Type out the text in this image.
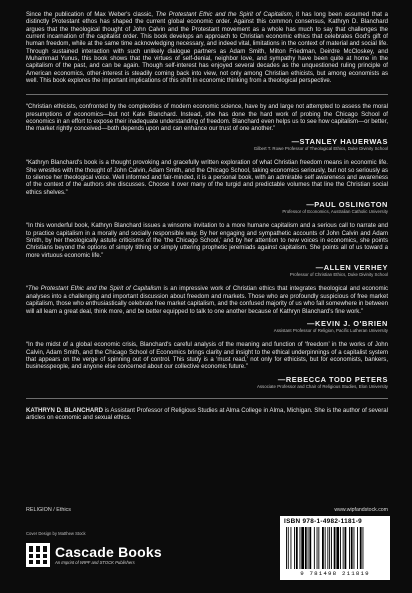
Since the publication of Max Weber's classic, The Protestant Ethic and the Spirit of Capitalism, it has long been assumed that a distinctly Protestant ethos has shaped the current global economic order. Against this common consensus, Kathryn D. Blanchard argues that the theological thought of John Calvin and the Protestant movement as a whole has much to say that challenges the current incarnation of the capitalist order. This book develops an approach to Christian economic ethics that celebrates God's gift of human freedom, while at the same time acknowledging necessary, and indeed vital, limitations in the context of material and social life. Through sustained interaction with such unlikely dialogue partners as Adam Smith, Milton Friedman, Deirdre McCloskey, and Muhammad Yunus, this book shows that the virtues of self-denial, neighbor love, and sympathy have been quite at home in the capitalism of the past, and can be again. Though self-interest has enjoyed several decades as the unquestioned ruling principle of American economics, other-interest is steadily coming back into view, not only among Christian ethicists, but among economists as well. This book explores the important implications of this shift in economic thinking from a theological perspective.

“Christian ethicists, confronted by the complexities of modern economic science, have by and large not attempted to assess the moral presumptions of economics—but not Kate Blanchard. Instead, she has done the hard work of probing the Chicago School of economics in an effort to expose their inadequate understanding of freedom. Blanchard even helps us to see how capitalism—or better, the market rightly conceived—both depends upon and can enhance our trust of one another.”

—STANLEY HAUERWAS
Gilbert T. Rowe Professor of Theological Ethics, Duke Divinity School

“Kathryn Blanchard's book is a thought provoking and gracefully written exploration of what Christian freedom means in economic life. She wrestles with the thought of John Calvin, Adam Smith, and the Chicago School, taking economics seriously, but not so seriously as to silence her theological voice. Well informed and fair-minded, it is a personal book, with an admirable self awareness and awareness of the context of the authors she discusses. Choose it over many of the turgid and predictable volumes that line the Christian social ethics shelves.”

—PAUL OSLINGTON
Professor of Economics, Australian Catholic University

“In this wonderful book, Kathryn Blanchard issues a winsome invitation to a more humane capitalism and a serious call to narrate and to practice capitalism in a morally and socially responsible way. By her engaging and sympathetic accounts of John Calvin and Adam Smith, by her theologically astute criticisms of the ‘the Chicago School,’ and by her attention to new voices in economics, she points Christians beyond the options of simply tithing or simply uttering prophetic jeremiads against capitalism. She points all of us toward a more virtuous economic life.”

—ALLEN VERHEY
Professor of Christian Ethics, Duke Divinity School

“The Protestant Ethic and the Spirit of Capitalism is an impressive work of Christian ethics that integrates theological and economic analyses into a challenging and important discussion about freedom and markets. Those who are profoundly suspicious of free market capitalism, those who enthusiastically celebrate free market capitalism, and the confused majority of us who fall somewhere in between will all learn a great deal, think more, and be better equipped to talk to one another because of Kathryn Blanchard's fine work.”

—KEVIN J. O'BRIEN
Assistant Professor of Religion, Pacific Lutheran University

“In the midst of a global economic crisis, Blanchard's careful analysis of the meaning and function of ‘freedom’ in the works of John Calvin, Adam Smith, and the Chicago School of Economics brings clarity and insight to the ethical underpinnings of a capitalist system that appears on the verge of spinning out of control. This study is a ‘must read,’ not only for ethicists, but for economists, bankers, businesspeople, and anyone else concerned about our collective economic future.”

—REBECCA TODD PETERS
Associate Professor and Chair of Religious Studies, Elon University

KATHRYN D. BLANCHARD is Assistant Professor of Religious Studies at Alma College in Alma, Michigan. She is the author of several articles on economic and sexual ethics.

RELIGION / Ethics
Cover Design by Matthew Stock
Cascade Books
An Imprint of WIPF and STOCK Publishers
www.wipfandstock.com
ISBN 978-1-4982-1181-9
9 781498 211819
